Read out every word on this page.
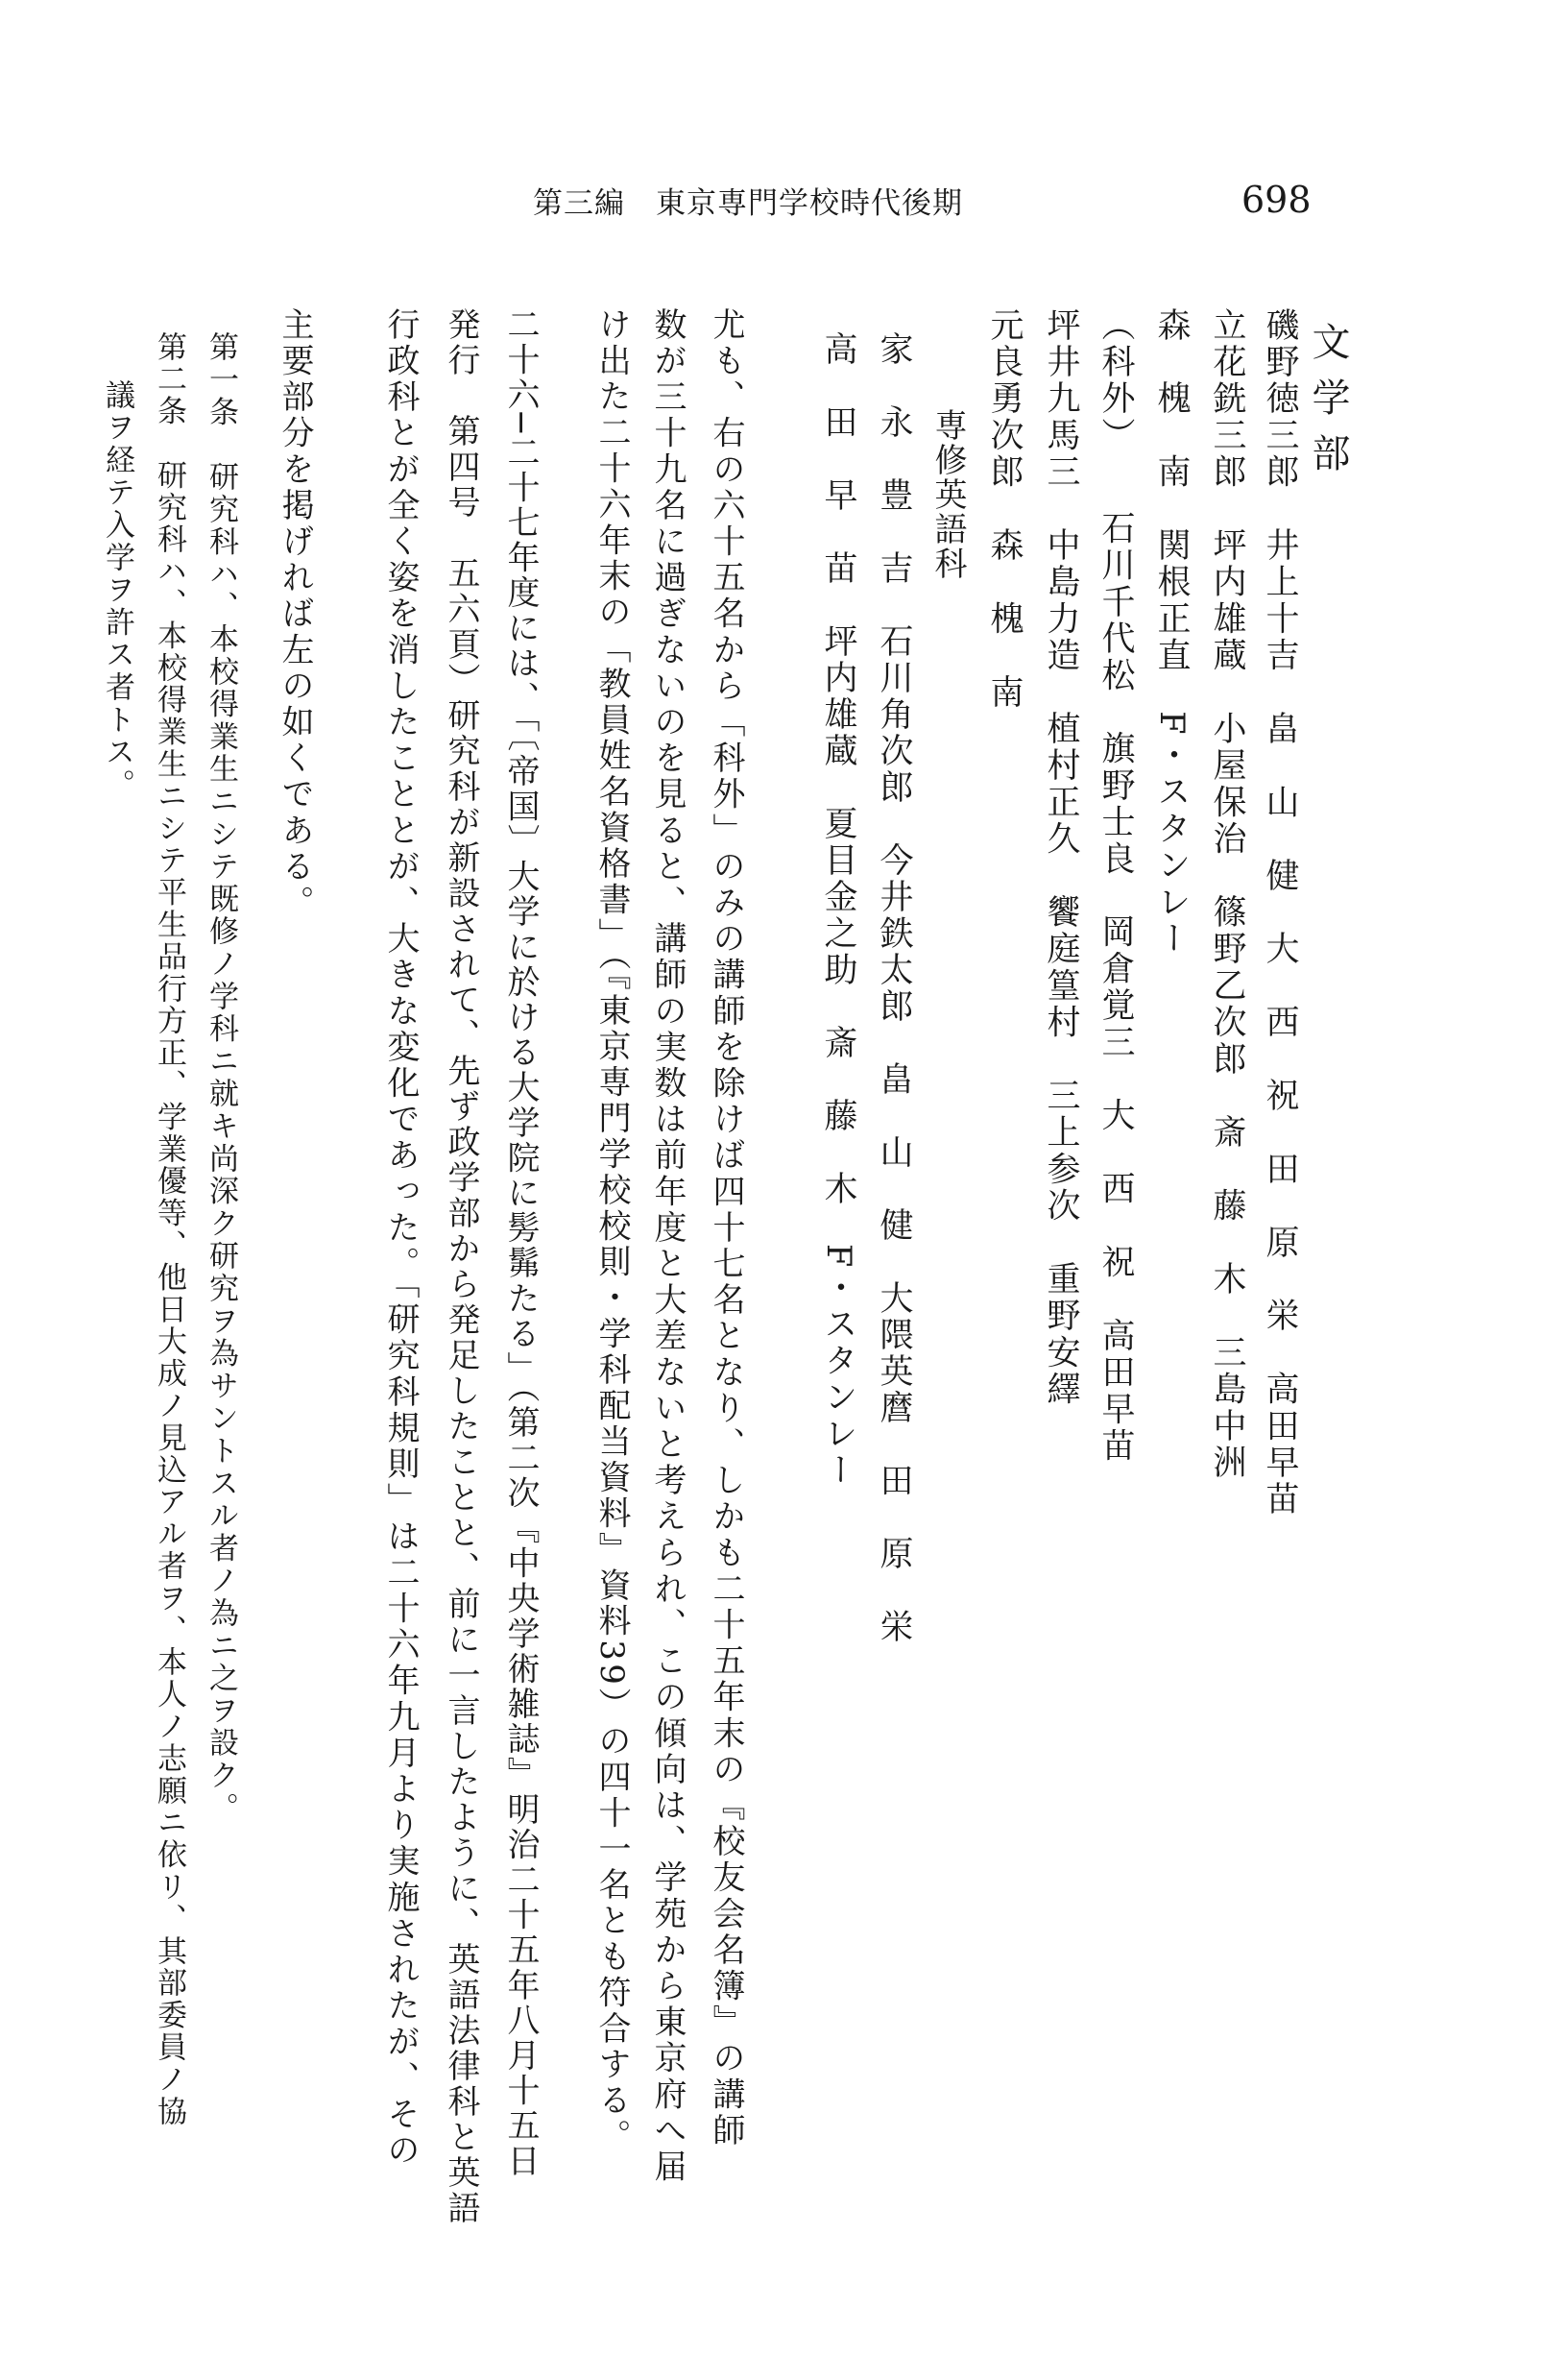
第三編　東京専門学校時代後期	698
文学部
磯野徳三郎　井上十吉　畠　山　健　大　西　祝　田　原　栄　高田早苗
立花銑三郎　坪内雄蔵　小屋保治　篠野乙次郎　斎　藤　木　三島中洲
森　槐　南　関根正直　F・スタンレー
（科外）　　石川千代松　旗野士良　岡倉覚三　大　西　祝　高田早苗
坪井九馬三　中島力造　植村正久　饗庭篁村　三上参次　重野安繹
元良勇次郎　森　槐　南
専修英語科
家　永　豊　吉　石川角次郎　今井鉄太郎　畠　山　健　大隈英麿　田　原　栄
高　田　早　苗　坪内雄蔵　夏目金之助　斎　藤　木　F・スタンレー
尤も、右の六十五名から「科外」のみの講師を除けば四十七名となり、しかも二十五年末の『校友会名簿』の講師
数が三十九名に過ぎないのを見ると、講師の実数は前年度と大差ないと考えられ、この傾向は、学苑から東京府へ届
け出た二十六年末の「教員姓名資格書」（『東京専門学校校則・学科配当資料』資料39）の四十一名とも符合する。
二十六─二十七年度には、「〔帝国〕大学に於ける大学院に髣髴たる」（第二次『中央学術雑誌』明治二十五年八月十五日
発行　第四号　五六頁）研究科が新設されて、先ず政学部から発足したことと、前に一言したように、英語法律科と英語
行政科とが全く姿を消したこととが、大きな変化であった。「研究科規則」は二十六年九月より実施されたが、その
主要部分を掲げれば左の如くである。
第一条　研究科ハ、本校得業生ニシテ既修ノ学科ニ就キ尚深ク研究ヲ為サントスル者ノ為ニ之ヲ設ク。
第二条　研究科ハ、本校得業生ニシテ平生品行方正、学業優等、他日大成ノ見込アル者ヲ、本人ノ志願ニ依リ、其部委員ノ協
議ヲ経テ入学ヲ許ス者トス。
